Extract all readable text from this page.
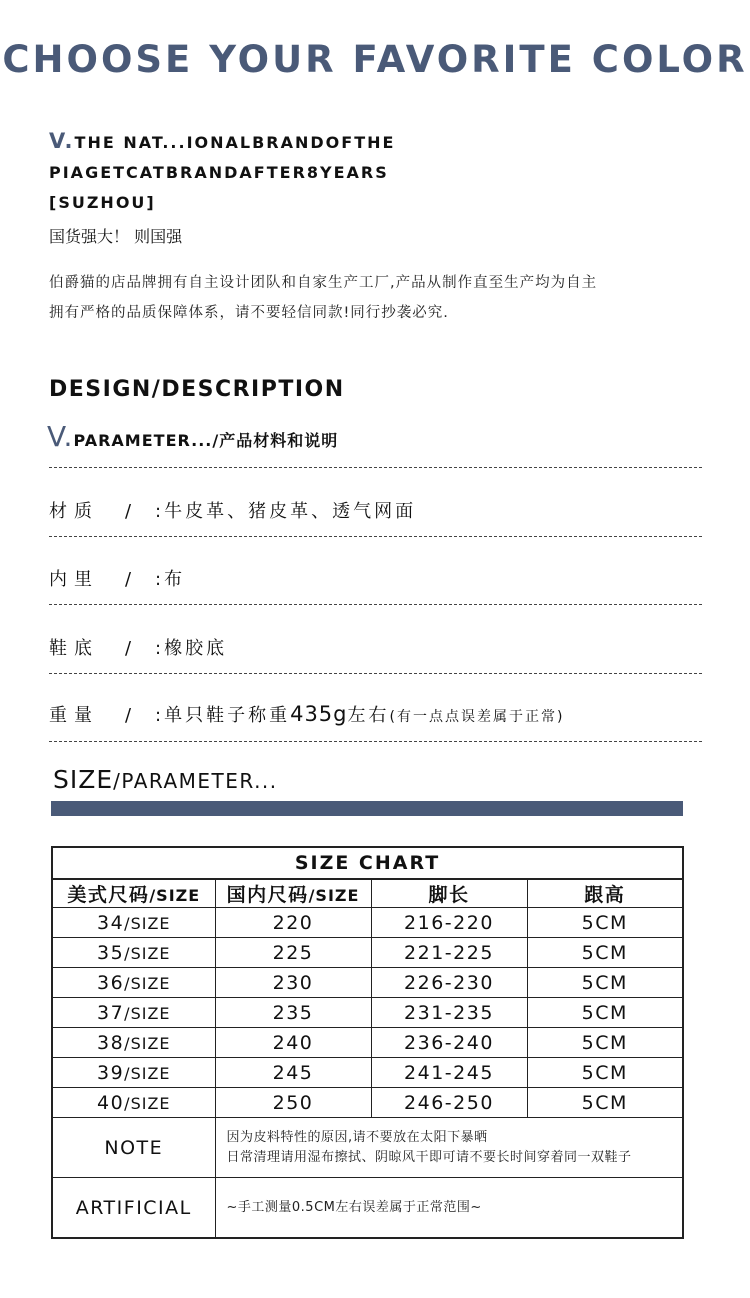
CHOOSE YOUR FAVORITE COLOR
V.THE NAT...IONALBRANDOFTHE
PIAGETCATBRANDAFTER8YEARS
[SUZHOU]
国货强大！ 则国强
伯爵猫的店品牌拥有自主设计团队和自家生产工厂,产品从制作直至生产均为自主
拥有严格的品质保障体系，请不要轻信同款!同行抄袭必究.
DESIGN/DESCRIPTION
V.PARAMETER.../产品材料和说明
材质 / :牛皮革、猪皮革、透气网面
内里 / :布
鞋底 / :橡胶底
重量 / :单只鞋子称重435g左右(有一点点误差属于正常)
SIZE/PARAMETER...
SIZE CHART			
美式尺码/SIZE	国内尺码/SIZE	脚长	跟高
34/SIZE	220	216-220	5CM
35/SIZE	225	221-225	5CM
36/SIZE	230	226-230	5CM
37/SIZE	235	231-235	5CM
38/SIZE	240	236-240	5CM
39/SIZE	245	241-245	5CM
40/SIZE	250	246-250	5CM
NOTE	因为皮料特性的原因,请不要放在太阳下暴晒
日常清理请用湿布擦拭、阴晾风干即可请不要长时间穿着同一双鞋子		

ARTIFICIAL	~手工测量0.5CM左右误差属于正常范围~		
